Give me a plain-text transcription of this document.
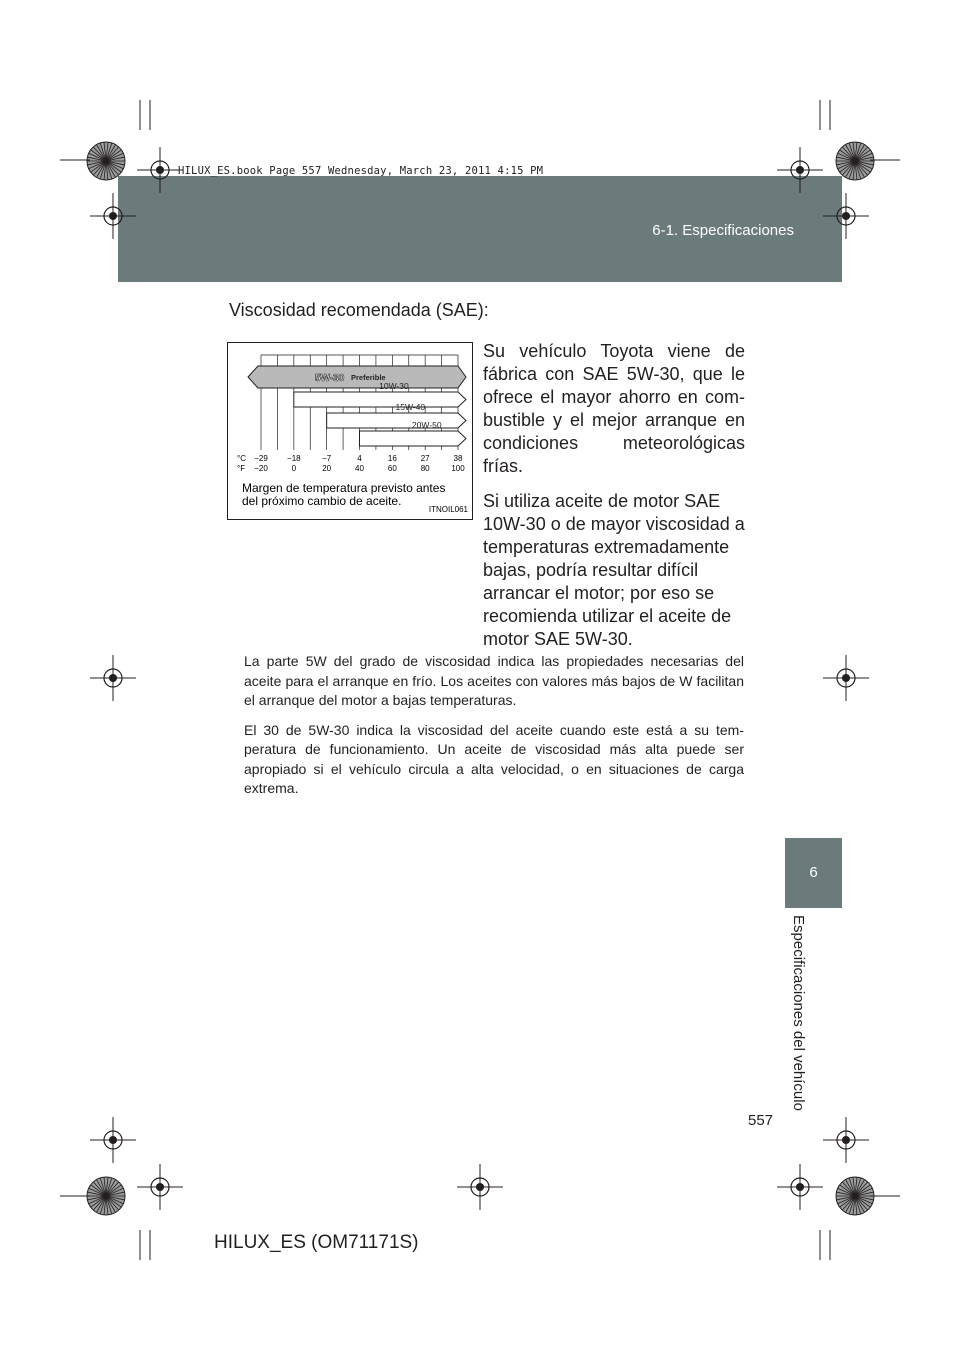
HILUX_ES.book Page 557 Wednesday, March 23, 2011 4:15 PM
6-1. Especificaciones
6
Especificaciones del vehículo
557
HILUX_ES (OM71171S)
Viscosidad recomendada (SAE):

Su vehículo Toyota viene de fábrica con SAE 5W-30, que le ofrece el mayor ahorro en com-bustible y el mejor arranque en condiciones meteorológicas frías.

Si utiliza aceite de motor SAE 10W-30 o de mayor viscosidad a temperaturas extremadamente bajas, podría resultar difícil arrancar el motor; por eso se recomienda utilizar el aceite de motor SAE 5W-30.

La parte 5W del grado de viscosidad indica las propiedades necesarias del aceite para el arranque en frío. Los aceites con valores más bajos de W facilitan el arranque del motor a bajas temperaturas.

El 30 de 5W-30 indica la viscosidad del aceite cuando este está a su tem-peratura de funcionamiento. Un aceite de viscosidad más alta puede ser apropiado si el vehículo circula a alta velocidad, o en situaciones de carga extrema.

5W-30 Preferible
10W-30
15W-40
20W-50
°C
°F
−29
−20
−18
0
−7
20
4
40
16
60
27
80
38
100
Margen de temperatura previsto antes
del próximo cambio de aceite.
ITNOIL061
